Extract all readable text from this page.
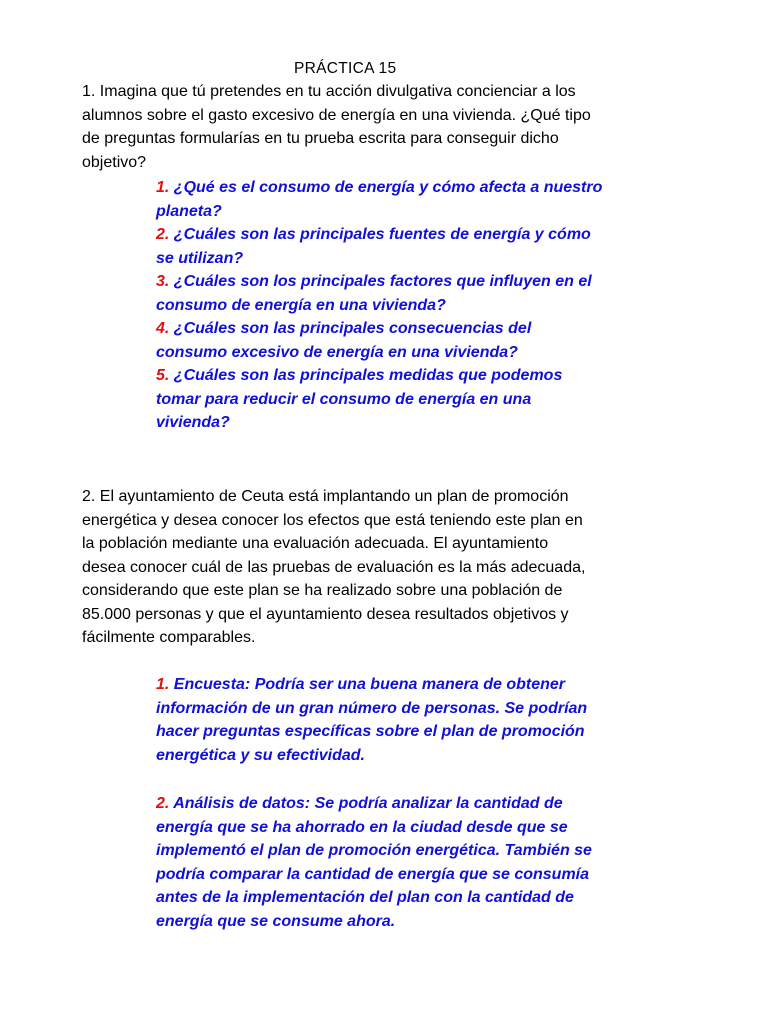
PRÁCTICA 15
1. Imagina que tú pretendes en tu acción divulgativa concienciar a los
alumnos sobre el gasto excesivo de energía en una vivienda. ¿Qué tipo
de preguntas formularías en tu prueba escrita para conseguir dicho
objetivo?
1. ¿Qué es el consumo de energía y cómo afecta a nuestro
planeta?
2. ¿Cuáles son las principales fuentes de energía y cómo
se utilizan?
3. ¿Cuáles son los principales factores que influyen en el
consumo de energía en una vivienda?
4. ¿Cuáles son las principales consecuencias del
consumo excesivo de energía en una vivienda?
5. ¿Cuáles son las principales medidas que podemos
tomar para reducir el consumo de energía en una
vivienda?
2. El ayuntamiento de Ceuta está implantando un plan de promoción
energética y desea conocer los efectos que está teniendo este plan en
la población mediante una evaluación adecuada. El ayuntamiento
desea conocer cuál de las pruebas de evaluación es la más adecuada,
considerando que este plan se ha realizado sobre una población de
85.000 personas y que el ayuntamiento desea resultados objetivos y
fácilmente comparables.
1. Encuesta: Podría ser una buena manera de obtener
información de un gran número de personas. Se podrían
hacer preguntas específicas sobre el plan de promoción
energética y su efectividad.
2. Análisis de datos: Se podría analizar la cantidad de
energía que se ha ahorrado en la ciudad desde que se
implementó el plan de promoción energética. También se
podría comparar la cantidad de energía que se consumía
antes de la implementación del plan con la cantidad de
energía que se consume ahora.
